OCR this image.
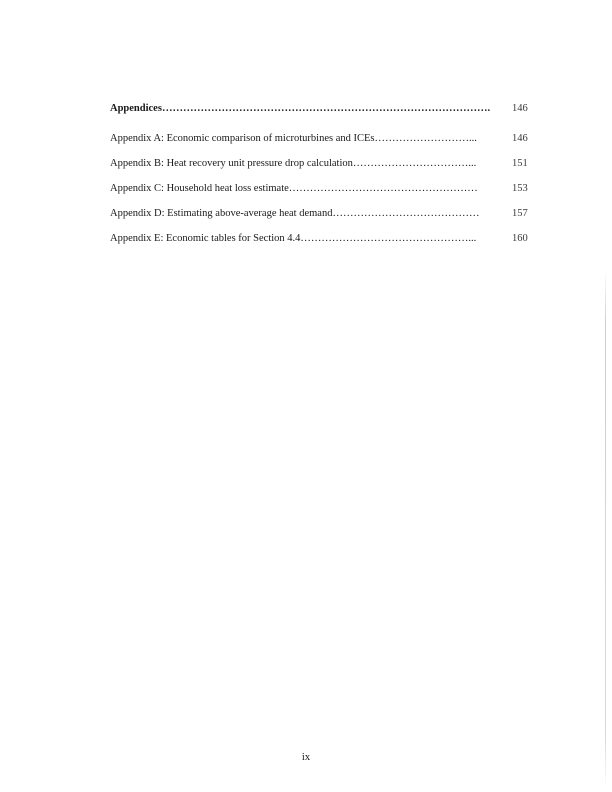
Appendices………………………………………………………………………………….	146
Appendix A: Economic comparison of microturbines and ICEs………………………...	146
Appendix B: Heat recovery unit pressure drop calculation……………………………...	151
Appendix C: Household heat loss estimate………………………………………………	153
Appendix D: Estimating above-average heat demand……………………………………	157
Appendix E: Economic tables for Section 4.4…………………………………………...	160
ix
